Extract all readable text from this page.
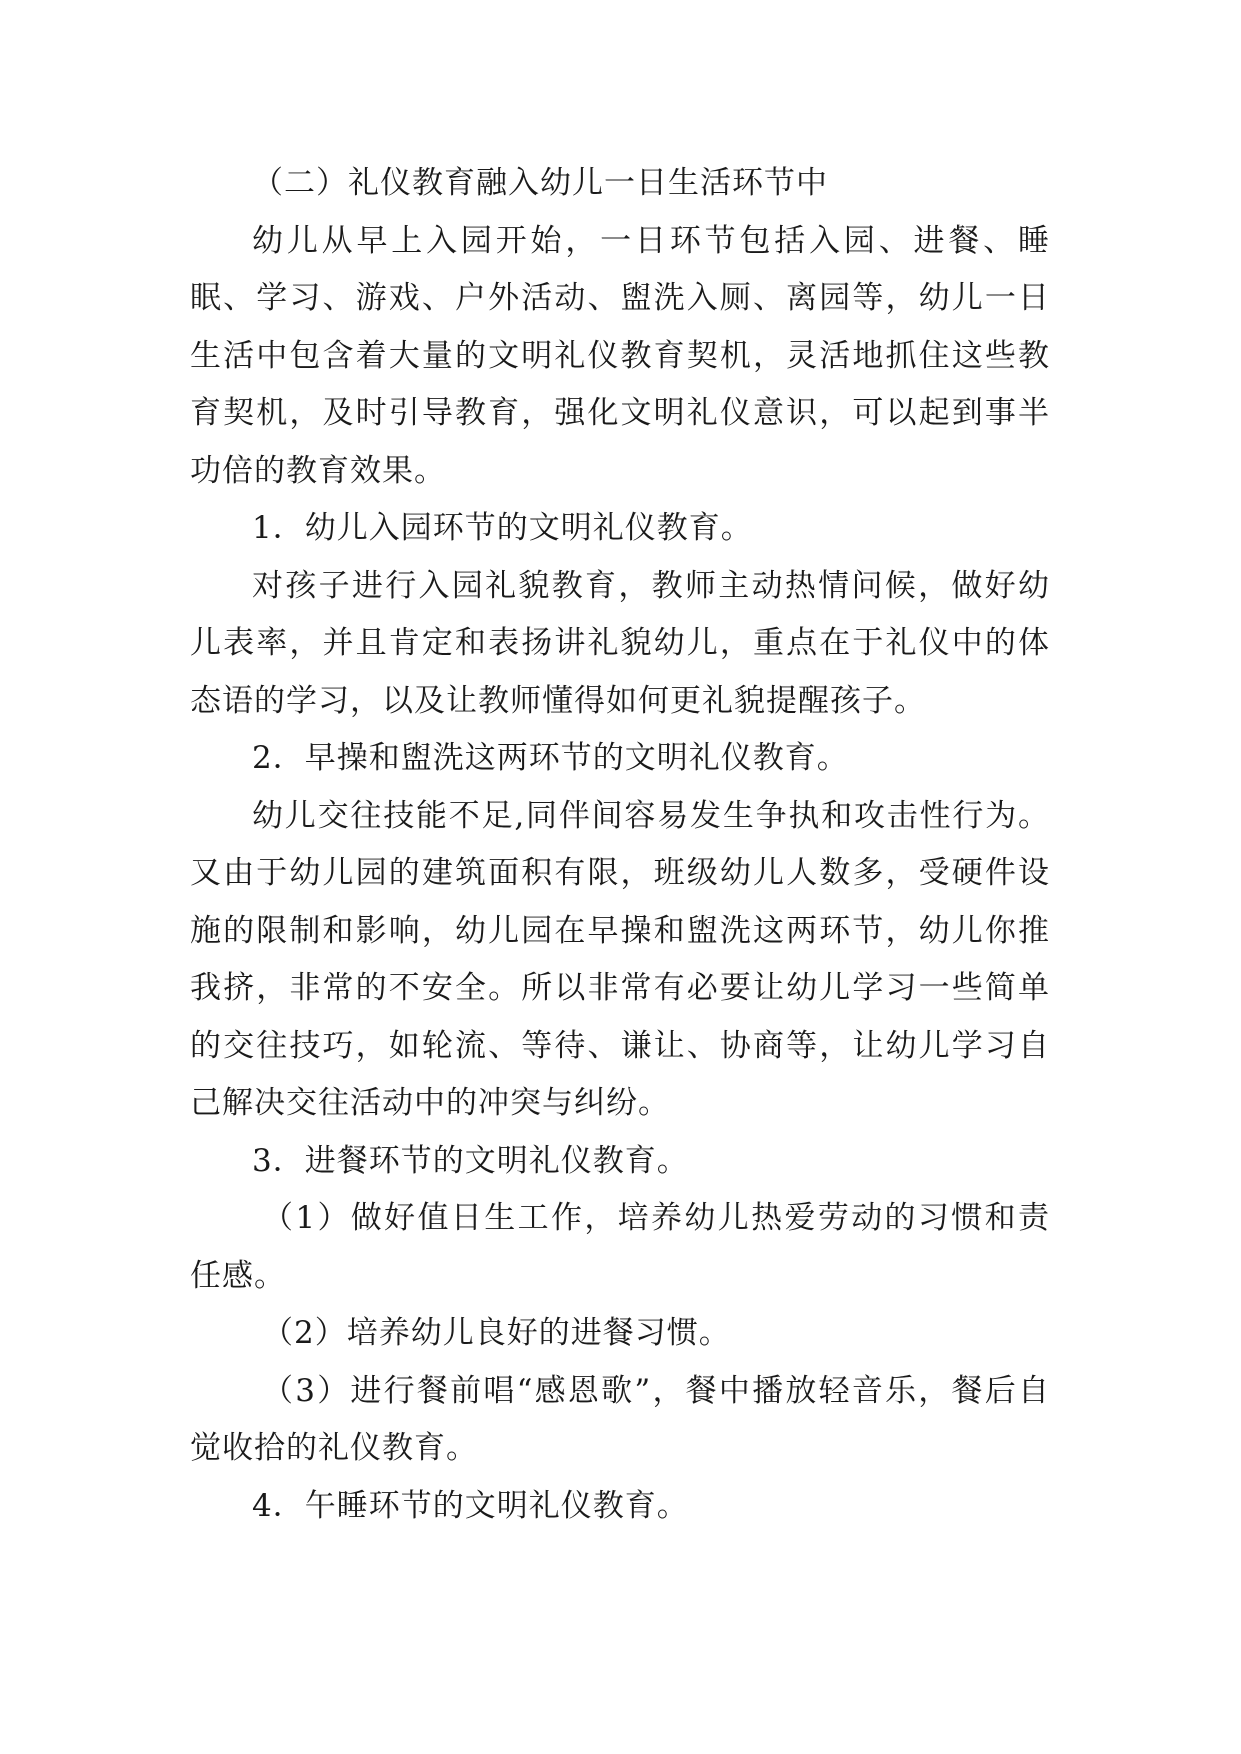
（二）礼仪教育融入幼儿一日生活环节中

幼儿从早上入园开始，一日环节包括入园、进餐、睡眠、学习、游戏、户外活动、盥洗入厕、离园等，幼儿一日生活中包含着大量的文明礼仪教育契机，灵活地抓住这些教育契机，及时引导教育，强化文明礼仪意识，可以起到事半功倍的教育效果。

1．幼儿入园环节的文明礼仪教育。

对孩子进行入园礼貌教育，教师主动热情问候，做好幼儿表率，并且肯定和表扬讲礼貌幼儿，重点在于礼仪中的体态语的学习，以及让教师懂得如何更礼貌提醒孩子。

2．早操和盥洗这两环节的文明礼仪教育。

幼儿交往技能不足,同伴间容易发生争执和攻击性行为。又由于幼儿园的建筑面积有限，班级幼儿人数多，受硬件设施的限制和影响，幼儿园在早操和盥洗这两环节，幼儿你推我挤，非常的不安全。所以非常有必要让幼儿学习一些简单的交往技巧，如轮流、等待、谦让、协商等，让幼儿学习自己解决交往活动中的冲突与纠纷。

3．进餐环节的文明礼仪教育。

（1）做好值日生工作，培养幼儿热爱劳动的习惯和责任感。

（2）培养幼儿良好的进餐习惯。

（3）进行餐前唱“感恩歌”，餐中播放轻音乐，餐后自觉收拾的礼仪教育。

4．午睡环节的文明礼仪教育。
